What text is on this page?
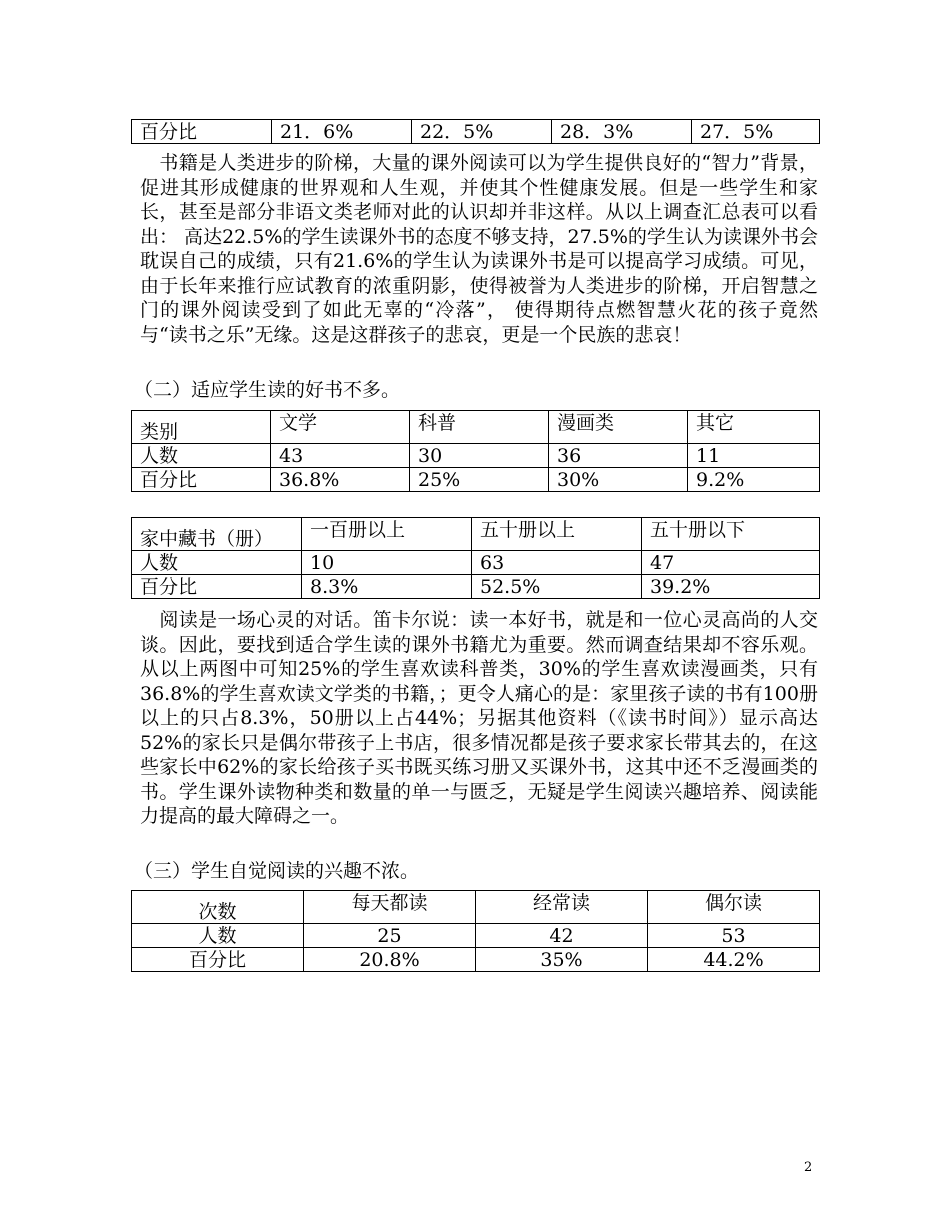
百分比	21．6%	22．5%	28．3%	27．5%
书籍是人类进步的阶梯，大量的课外阅读可以为学生提供良好的“智力”背景，促进其形成健康的世界观和人生观，并使其个性健康发展。但是一些学生和家长，甚至是部分非语文类老师对此的认识却并非这样。从以上调查汇总表可以看出： 高达22.5%的学生读课外书的态度不够支持，27.5%的学生认为读课外书会耽误自己的成绩，只有21.6%的学生认为读课外书是可以提高学习成绩。可见，由于长年来推行应试教育的浓重阴影，使得被誉为人类进步的阶梯，开启智慧之门的课外阅读受到了如此无辜的“冷落”， 使得期待点燃智慧火花的孩子竟然与“读书之乐”无缘。这是这群孩子的悲哀，更是一个民族的悲哀！
（二）适应学生读的好书不多。
类别	文学	科普	漫画类	其它
人数	43	30	36	11
百分比	36.8%	25%	30%	9.2%
家中藏书（册）	一百册以上	五十册以上	五十册以下
人数	10	63	47
百分比	8.3%	52.5%	39.2%
阅读是一场心灵的对话。笛卡尔说：读一本好书，就是和一位心灵高尚的人交谈。因此，要找到适合学生读的课外书籍尤为重要。然而调查结果却不容乐观。从以上两图中可知25%的学生喜欢读科普类，30%的学生喜欢读漫画类，只有36.8%的学生喜欢读文学类的书籍，；更令人痛心的是：家里孩子读的书有100册以上的只占8.3%，50册以上占44%；另据其他资料（《读书时间》）显示高达52%的家长只是偶尔带孩子上书店，很多情况都是孩子要求家长带其去的，在这些家长中62%的家长给孩子买书既买练习册又买课外书，这其中还不乏漫画类的书。学生课外读物种类和数量的单一与匮乏，无疑是学生阅读兴趣培养、阅读能力提高的最大障碍之一。
（三）学生自觉阅读的兴趣不浓。
次数	每天都读	经常读	偶尔读
人数	25	42	53
百分比	20.8%	35%	44.2%
2
